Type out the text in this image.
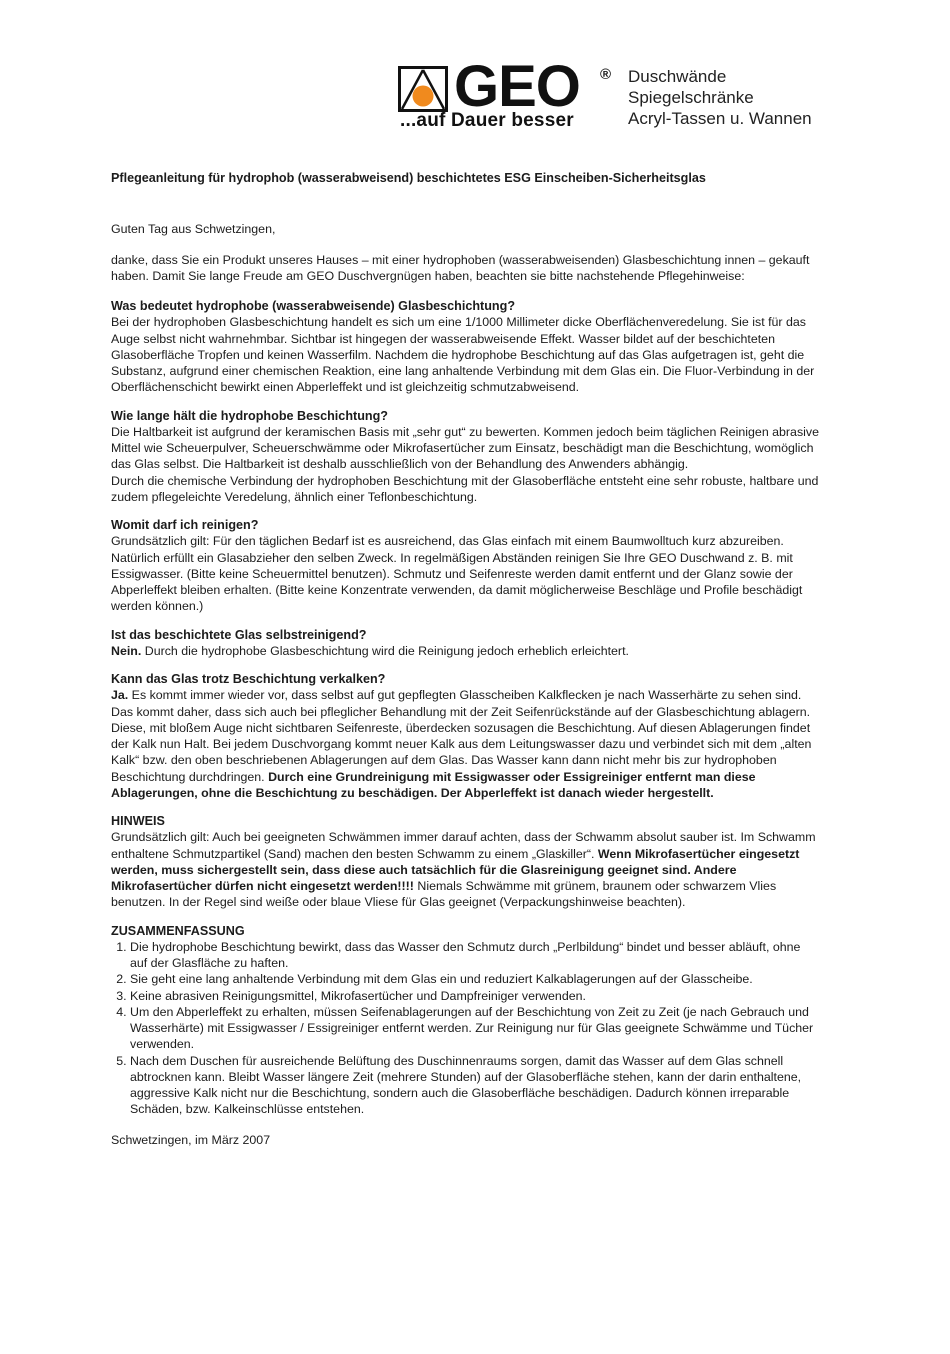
GEO ®
...auf Dauer besser
Duschwände
Spiegelschränke
Acryl-Tassen u. Wannen

Pflegeanleitung für hydrophob (wasserabweisend) beschichtetes ESG Einscheiben-Sicherheitsglas

Guten Tag aus Schwetzingen,

danke, dass Sie ein Produkt unseres Hauses – mit einer hydrophoben (wasserabweisenden) Glasbeschichtung innen – gekauft haben. Damit Sie lange Freude am GEO Duschvergnügen haben, beachten sie bitte nachstehende Pflegehinweise:

Was bedeutet hydrophobe (wasserabweisende) Glasbeschichtung?

Bei der hydrophoben Glasbeschichtung handelt es sich um eine 1/1000 Millimeter dicke Oberflächenveredelung. Sie ist für das Auge selbst nicht wahrnehmbar. Sichtbar ist hingegen der wasserabweisende Effekt. Wasser bildet auf der beschichteten Glasoberfläche Tropfen und keinen Wasserfilm. Nachdem die hydrophobe Beschichtung auf das Glas aufgetragen ist, geht die Substanz, aufgrund einer chemischen Reaktion, eine lang anhaltende Verbindung mit dem Glas ein. Die Fluor-Verbindung in der Oberflächenschicht bewirkt einen Abperleffekt und ist gleichzeitig schmutzabweisend.

Wie lange hält die hydrophobe Beschichtung?

Die Haltbarkeit ist aufgrund der keramischen Basis mit „sehr gut“ zu bewerten. Kommen jedoch beim täglichen Reinigen abrasive Mittel wie Scheuerpulver, Scheuerschwämme oder Mikrofasertücher zum Einsatz, beschädigt man die Beschichtung, womöglich das Glas selbst. Die Haltbarkeit ist deshalb ausschließlich von der Behandlung des Anwenders abhängig.

Durch die chemische Verbindung der hydrophoben Beschichtung mit der Glasoberfläche entsteht eine sehr robuste, haltbare und zudem pflegeleichte Veredelung, ähnlich einer Teflonbeschichtung.

Womit darf ich reinigen?

Grundsätzlich gilt: Für den täglichen Bedarf ist es ausreichend, das Glas einfach mit einem Baumwolltuch kurz abzureiben. Natürlich erfüllt ein Glasabzieher den selben Zweck. In regelmäßigen Abständen reinigen Sie Ihre GEO Duschwand z. B. mit Essigwasser. (Bitte keine Scheuermittel benutzen). Schmutz und Seifenreste werden damit entfernt und der Glanz sowie der Abperleffekt bleiben erhalten. (Bitte keine Konzentrate verwenden, da damit möglicherweise Beschläge und Profile beschädigt werden können.)

Ist das beschichtete Glas selbstreinigend?

Nein. Durch die hydrophobe Glasbeschichtung wird die Reinigung jedoch erheblich erleichtert.

Kann das Glas trotz Beschichtung verkalken?

Ja. Es kommt immer wieder vor, dass selbst auf gut gepflegten Glasscheiben Kalkflecken je nach Wasserhärte zu sehen sind. Das kommt daher, dass sich auch bei pfleglicher Behandlung mit der Zeit Seifenrückstände auf der Glasbeschichtung ablagern. Diese, mit bloßem Auge nicht sichtbaren Seifenreste, überdecken sozusagen die Beschichtung. Auf diesen Ablagerungen findet der Kalk nun Halt. Bei jedem Duschvorgang kommt neuer Kalk aus dem Leitungswasser dazu und verbindet sich mit dem „alten Kalk“ bzw. den oben beschriebenen Ablagerungen auf dem Glas. Das Wasser kann dann nicht mehr bis zur hydrophoben Beschichtung durchdringen. Durch eine Grundreinigung mit Essigwasser oder Essigreiniger entfernt man diese Ablagerungen, ohne die Beschichtung zu beschädigen. Der Abperleffekt ist danach wieder hergestellt.

HINWEIS

Grundsätzlich gilt: Auch bei geeigneten Schwämmen immer darauf achten, dass der Schwamm absolut sauber ist. Im Schwamm enthaltene Schmutzpartikel (Sand) machen den besten Schwamm zu einem „Glaskiller“. Wenn Mikrofasertücher eingesetzt werden, muss sichergestellt sein, dass diese auch tatsächlich für die Glasreinigung geeignet sind. Andere Mikrofasertücher dürfen nicht eingesetzt werden!!!! Niemals Schwämme mit grünem, braunem oder schwarzem Vlies benutzen. In der Regel sind weiße oder blaue Vliese für Glas geeignet (Verpackungshinweise beachten).

ZUSAMMENFASSUNG
1. Die hydrophobe Beschichtung bewirkt, dass das Wasser den Schmutz durch „Perlbildung“ bindet und besser abläuft, ohne auf der Glasfläche zu haften.
2. Sie geht eine lang anhaltende Verbindung mit dem Glas ein und reduziert Kalkablagerungen auf der Glasscheibe.
3. Keine abrasiven Reinigungsmittel, Mikrofasertücher und Dampfreiniger verwenden.
4. Um den Abperleffekt zu erhalten, müssen Seifenablagerungen auf der Beschichtung von Zeit zu Zeit (je nach Gebrauch und Wasserhärte) mit Essigwasser / Essigreiniger entfernt werden. Zur Reinigung nur für Glas geeignete Schwämme und Tücher verwenden.
5. Nach dem Duschen für ausreichende Belüftung des Duschinnenraums sorgen, damit das Wasser auf dem Glas schnell abtrocknen kann. Bleibt Wasser längere Zeit (mehrere Stunden) auf der Glasoberfläche stehen, kann der darin enthaltene, aggressive Kalk nicht nur die Beschichtung, sondern auch die Glasoberfläche beschädigen. Dadurch können irreparable Schäden, bzw. Kalkeinschlüsse entstehen.

Schwetzingen, im März 2007
